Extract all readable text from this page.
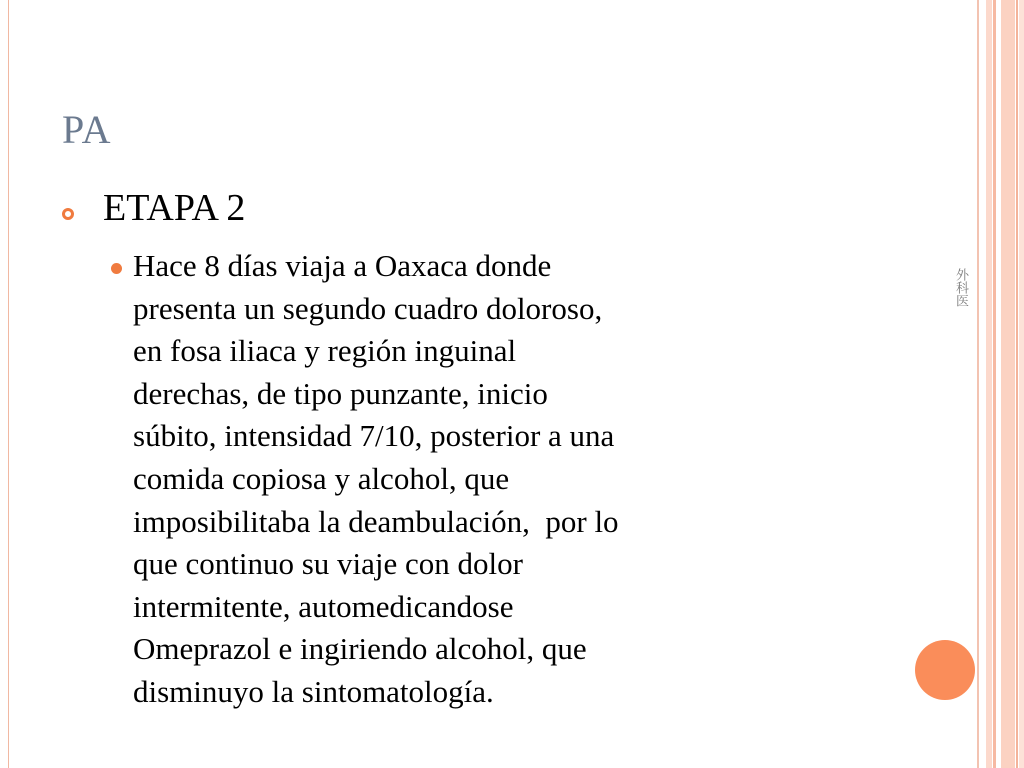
PA
ETAPA 2
Hace 8 días viaja a Oaxaca donde
presenta un segundo cuadro doloroso,
en fosa iliaca y región inguinal
derechas, de tipo punzante, inicio
súbito, intensidad 7/10, posterior a una
comida copiosa y alcohol, que
imposibilitaba la deambulación,  por lo
que continuo su viaje con dolor
intermitente, automedicandose
Omeprazol e ingiriendo alcohol, que
disminuyo la sintomatología.
外科医
